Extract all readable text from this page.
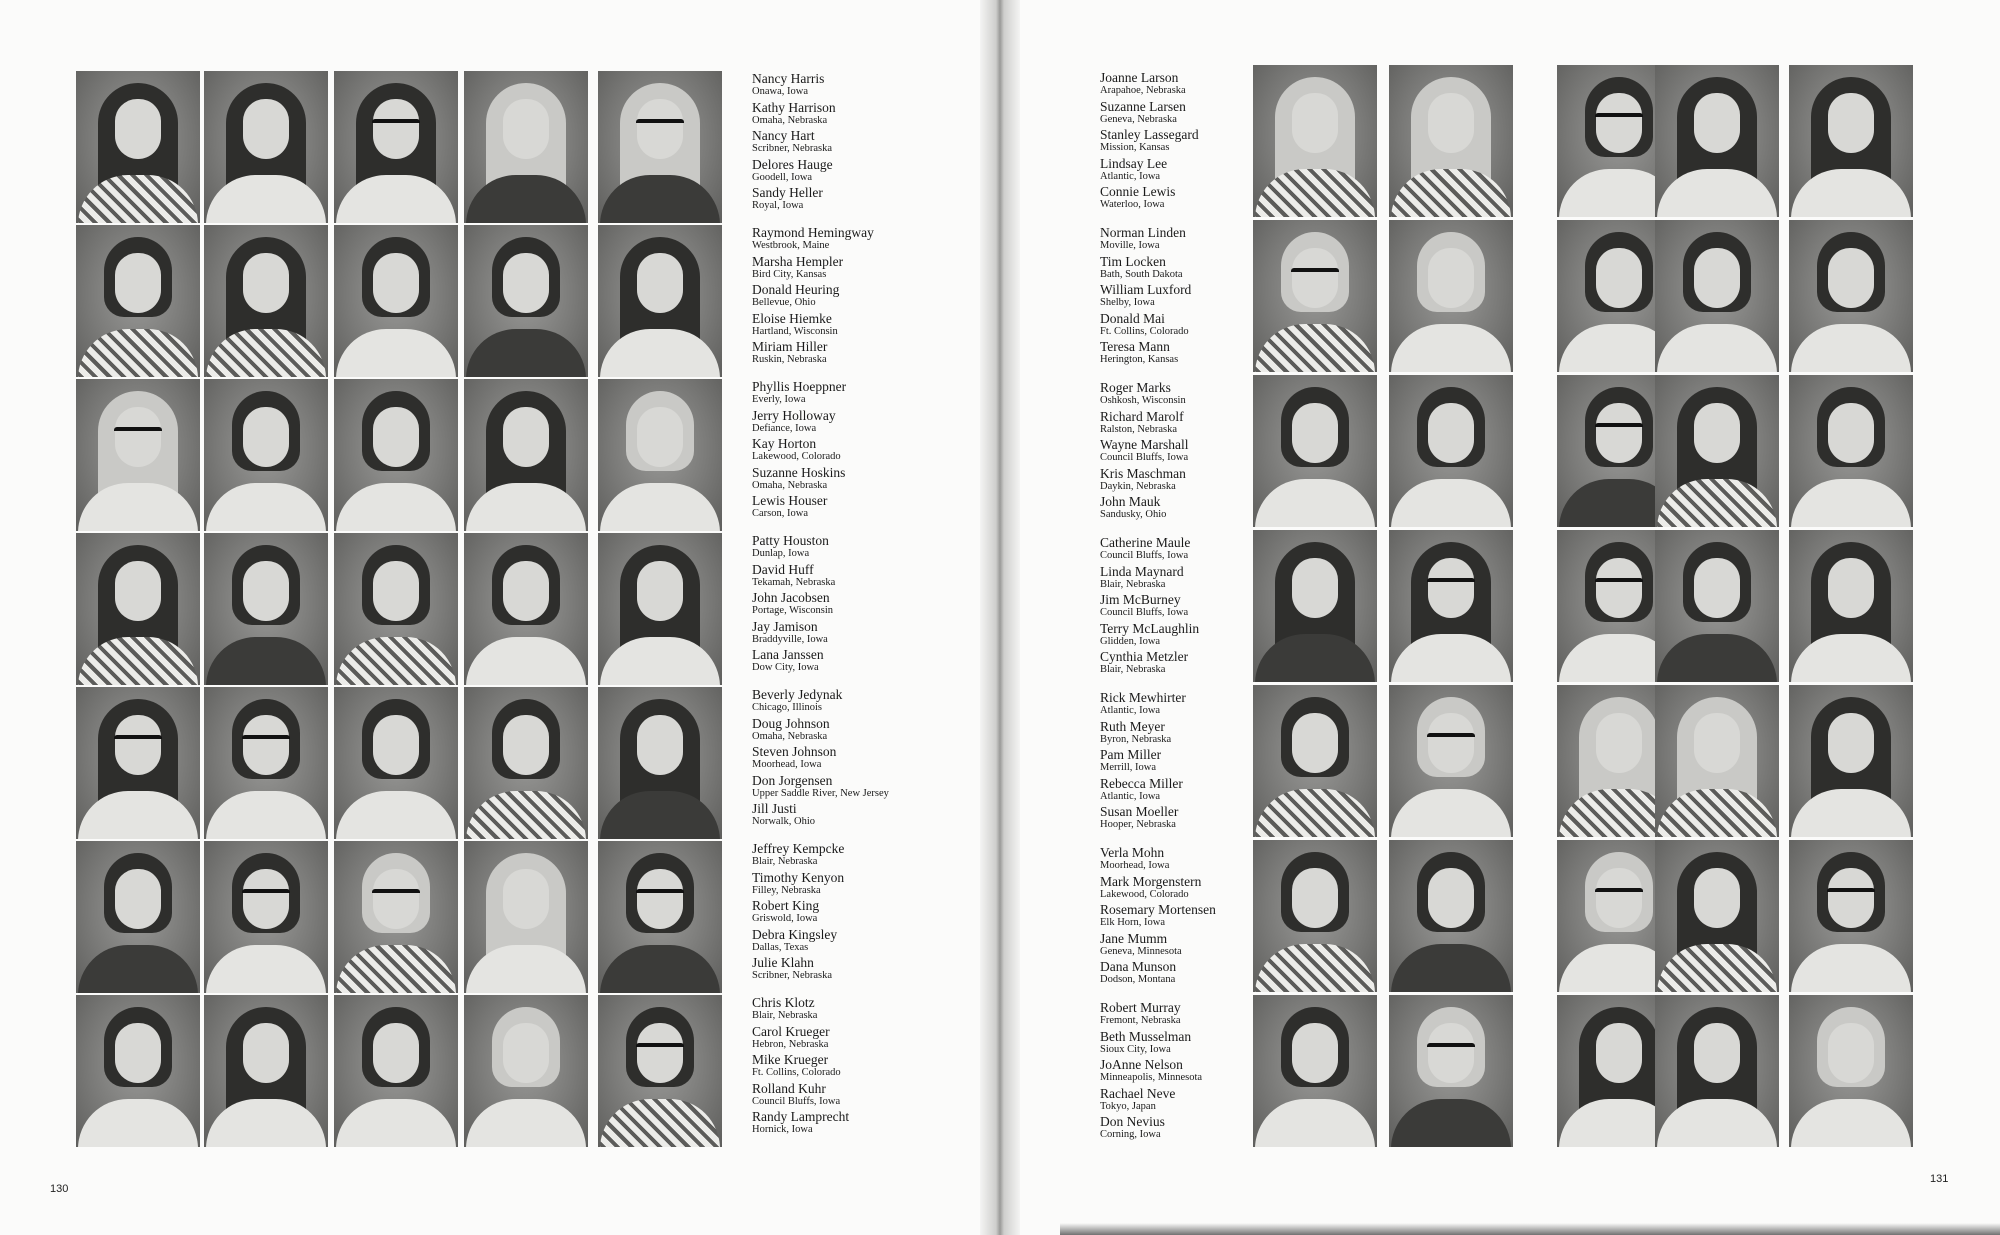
Nancy Harris
Onawa, Iowa
Kathy Harrison
Omaha, Nebraska
Nancy Hart
Scribner, Nebraska
Delores Hauge
Goodell, Iowa
Sandy Heller
Royal, Iowa
Raymond Hemingway
Westbrook, Maine
Marsha Hempler
Bird City, Kansas
Donald Heuring
Bellevue, Ohio
Eloise Hiemke
Hartland, Wisconsin
Miriam Hiller
Ruskin, Nebraska
Phyllis Hoeppner
Everly, Iowa
Jerry Holloway
Defiance, Iowa
Kay Horton
Lakewood, Colorado
Suzanne Hoskins
Omaha, Nebraska
Lewis Houser
Carson, Iowa
Patty Houston
Dunlap, Iowa
David Huff
Tekamah, Nebraska
John Jacobsen
Portage, Wisconsin
Jay Jamison
Braddyville, Iowa
Lana Janssen
Dow City, Iowa
Beverly Jedynak
Chicago, Illinois
Doug Johnson
Omaha, Nebraska
Steven Johnson
Moorhead, Iowa
Don Jorgensen
Upper Saddle River, New Jersey
Jill Justi
Norwalk, Ohio
Jeffrey Kempcke
Blair, Nebraska
Timothy Kenyon
Filley, Nebraska
Robert King
Griswold, Iowa
Debra Kingsley
Dallas, Texas
Julie Klahn
Scribner, Nebraska
Chris Klotz
Blair, Nebraska
Carol Krueger
Hebron, Nebraska
Mike Krueger
Ft. Collins, Colorado
Rolland Kuhr
Council Bluffs, Iowa
Randy Lamprecht
Hornick, Iowa
130
Joanne Larson
Arapahoe, Nebraska
Suzanne Larsen
Geneva, Nebraska
Stanley Lassegard
Mission, Kansas
Lindsay Lee
Atlantic, Iowa
Connie Lewis
Waterloo, Iowa
Norman Linden
Moville, Iowa
Tim Locken
Bath, South Dakota
William Luxford
Shelby, Iowa
Donald Mai
Ft. Collins, Colorado
Teresa Mann
Herington, Kansas
Roger Marks
Oshkosh, Wisconsin
Richard Marolf
Ralston, Nebraska
Wayne Marshall
Council Bluffs, Iowa
Kris Maschman
Daykin, Nebraska
John Mauk
Sandusky, Ohio
Catherine Maule
Council Bluffs, Iowa
Linda Maynard
Blair, Nebraska
Jim McBurney
Council Bluffs, Iowa
Terry McLaughlin
Glidden, Iowa
Cynthia Metzler
Blair, Nebraska
Rick Mewhirter
Atlantic, Iowa
Ruth Meyer
Byron, Nebraska
Pam Miller
Merrill, Iowa
Rebecca Miller
Atlantic, Iowa
Susan Moeller
Hooper, Nebraska
Verla Mohn
Moorhead, Iowa
Mark Morgenstern
Lakewood, Colorado
Rosemary Mortensen
Elk Horn, Iowa
Jane Mumm
Geneva, Minnesota
Dana Munson
Dodson, Montana
Robert Murray
Fremont, Nebraska
Beth Musselman
Sioux City, Iowa
JoAnne Nelson
Minneapolis, Minnesota
Rachael Neve
Tokyo, Japan
Don Nevius
Corning, Iowa
131
